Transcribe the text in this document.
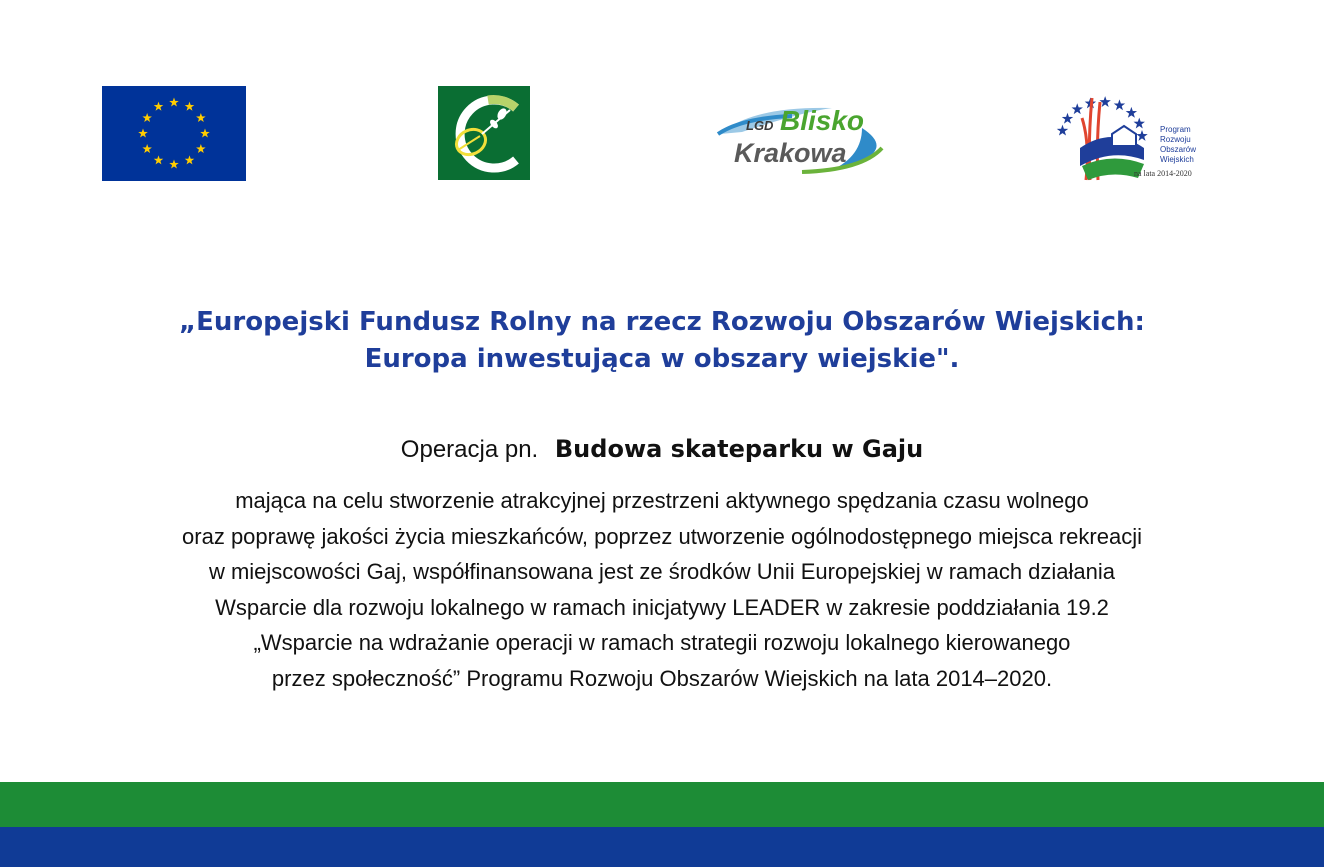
LEADER
LGD Blisko
Krakowa
Program
Rozwoju
Obszarów
Wiejskich
na lata 2014-2020
„Europejski Fundusz Rolny na rzecz Rozwoju Obszarów Wiejskich:
Europa inwestująca w obszary wiejskie".
Operacja pn. Budowa skateparku w Gaju
mająca na celu stworzenie atrakcyjnej przestrzeni aktywnego spędzania czasu wolnego
oraz poprawę jakości życia mieszkańców, poprzez utworzenie ogólnodostępnego miejsca rekreacji
w miejscowości Gaj, współfinansowana jest ze środków Unii Europejskiej w ramach działania
Wsparcie dla rozwoju lokalnego w ramach inicjatywy LEADER w zakresie poddziałania 19.2
„Wsparcie na wdrażanie operacji w ramach strategii rozwoju lokalnego kierowanego
przez społeczność” Programu Rozwoju Obszarów Wiejskich na lata 2014–2020.
